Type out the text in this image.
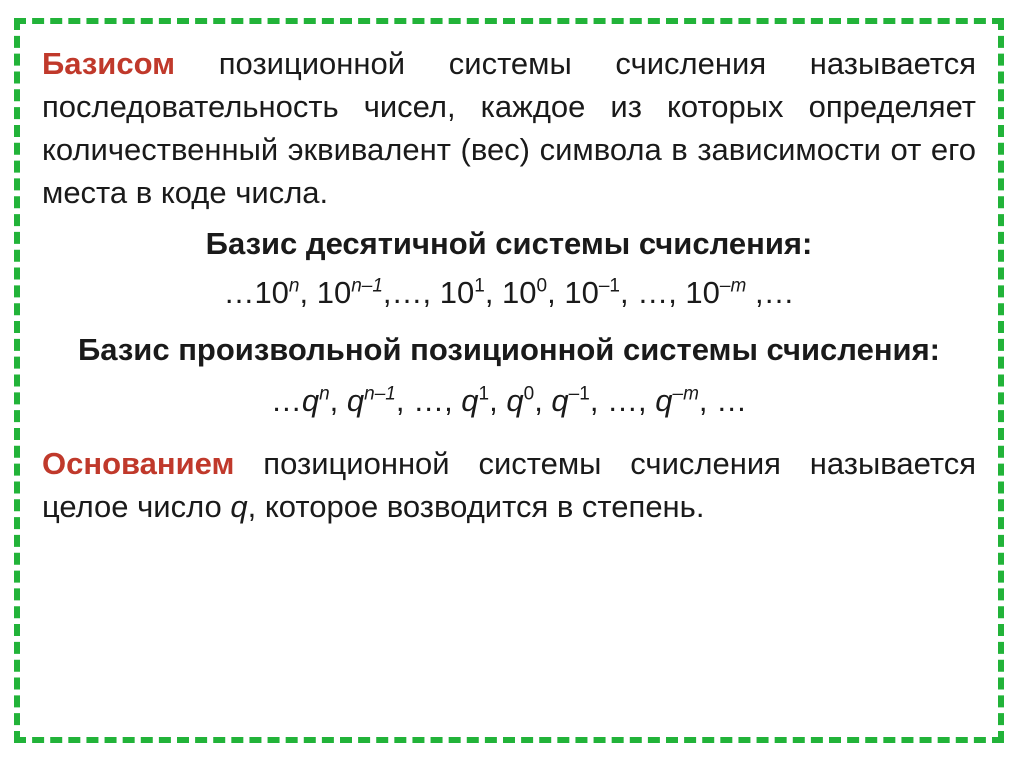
Базисом позиционной системы счисления называется последовательность чисел, каждое из которых определяет количественный эквивалент (вес) символа в зависимости от его места в коде числа.

Базис десятичной системы счисления:

…10$^n$, 10$^{n-1}$,…, $10^1$, $10^0$, $10^{-1}$, …, $10^{-m}$ ,…

Базис произвольной позиционной системы счисления:

$\dots q^n$, $q^{n-1}$, …, $q^1$, $q^0$, $q^{-1}$, …, $q^{-m}$, …

Основанием позиционной системы счисления называется целое число q, которое возводится в степень.
